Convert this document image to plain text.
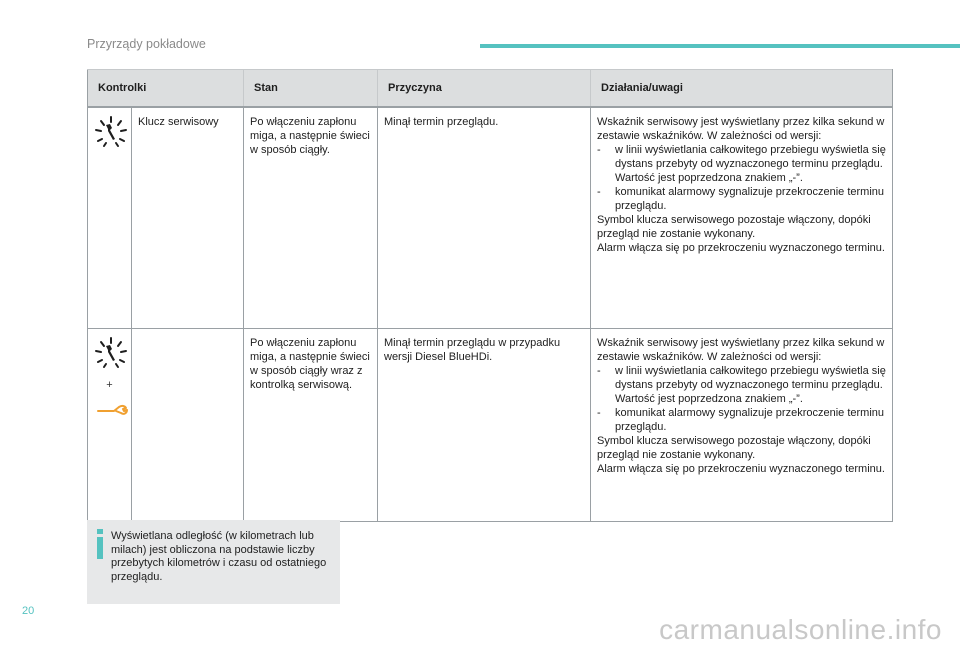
Przyrządy pokładowe
Kontrolki		Stan	Przyczyna	Działania/uwagi
	Klucz serwisowy	Po włączeniu zapłonu miga, a następnie świeci w sposób ciągły.	Minął termin przeglądu.	Wskaźnik serwisowy jest wyświetlany przez kilka sekund w zestawie wskaźników. W zależności od wersji:
- w linii wyświetlania całkowitego przebiegu wyświetla się dystans przebyty od wyznaczonego terminu przeglądu. Wartość jest poprzedzona znakiem „-”.
- komunikat alarmowy sygnalizuje przekroczenie terminu przeglądu.
Symbol klucza serwisowego pozostaje włączony, dopóki przegląd nie zostanie wykonany.
Alarm włącza się po przekroczeniu wyznaczonego terminu.

+		Po włączeniu zapłonu miga, a następnie świeci w sposób ciągły wraz z kontrolką serwisową.	Minął termin przeglądu w przypadku wersji Diesel BlueHDi.	Wskaźnik serwisowy jest wyświetlany przez kilka sekund w zestawie wskaźników. W zależności od wersji:
- w linii wyświetlania całkowitego przebiegu wyświetla się dystans przebyty od wyznaczonego terminu przeglądu. Wartość jest poprzedzona znakiem „-”.
- komunikat alarmowy sygnalizuje przekroczenie terminu przeglądu.
Symbol klucza serwisowego pozostaje włączony, dopóki przegląd nie zostanie wykonany.
Alarm włącza się po przekroczeniu wyznaczonego terminu.
Wyświetlana odległość (w kilometrach lub milach) jest obliczona na podstawie liczby przebytych kilometrów i czasu od ostatniego przeglądu.
20
carmanualsonline.info
